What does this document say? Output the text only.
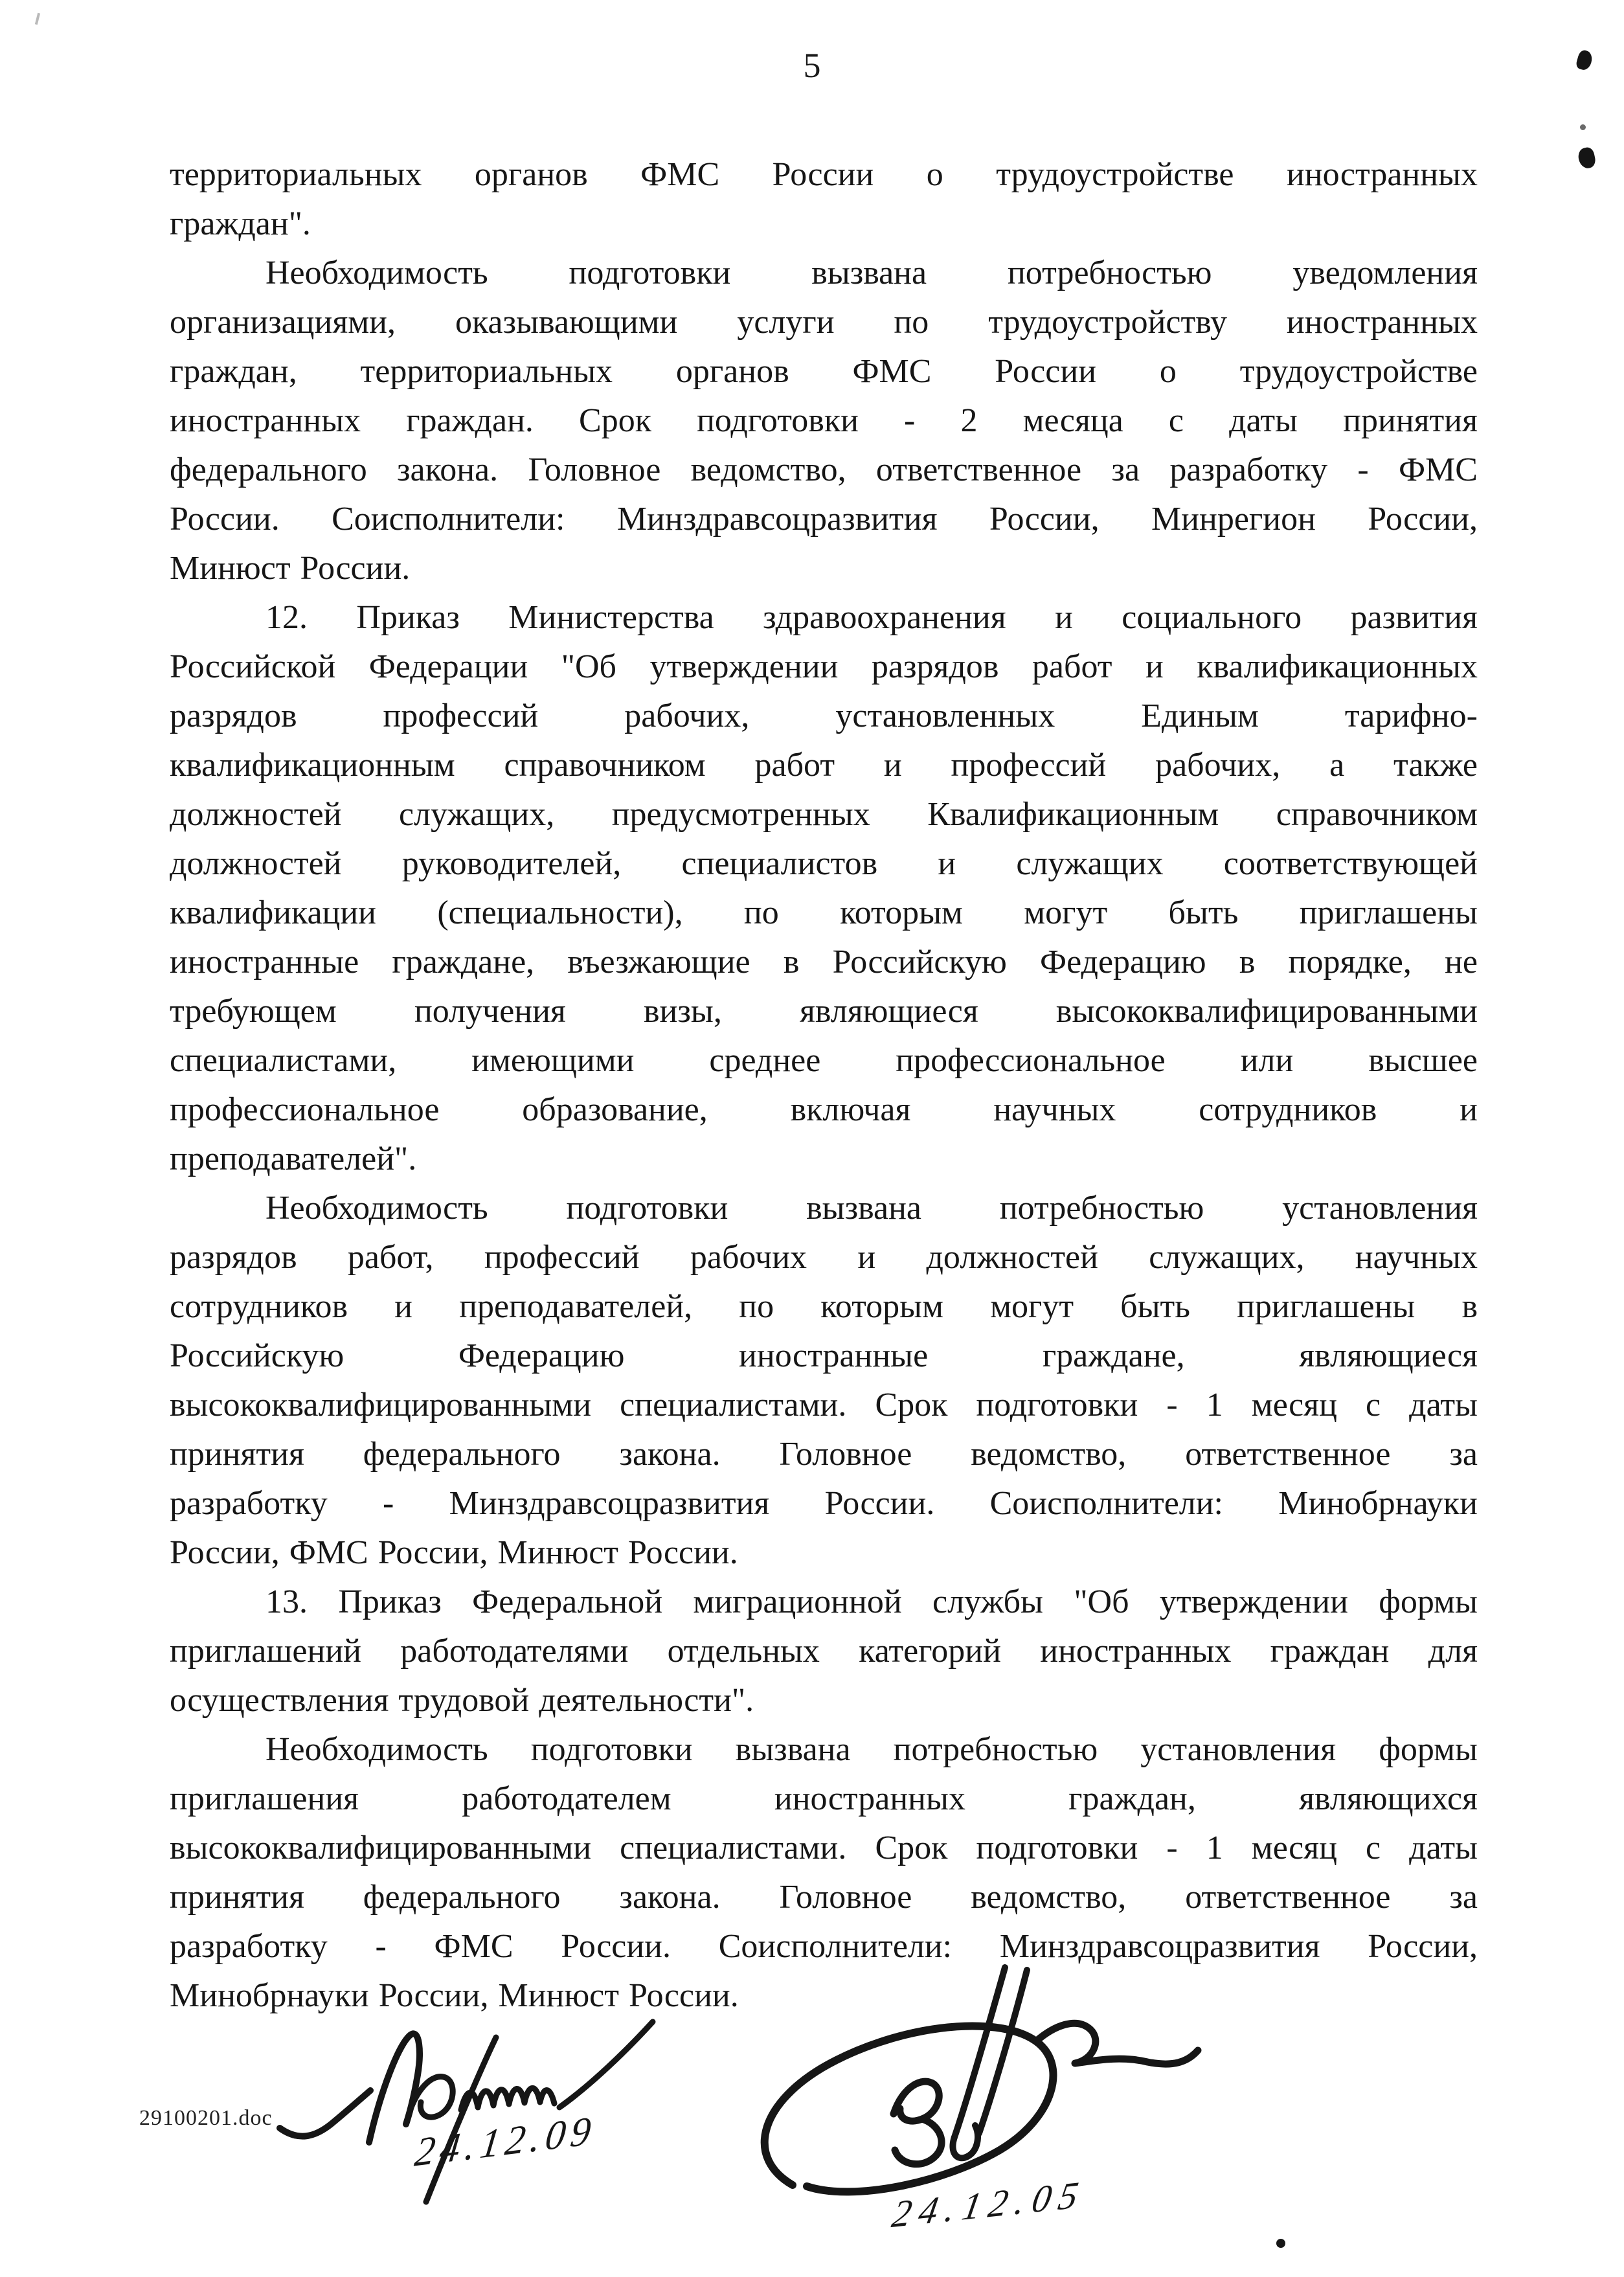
5
территориальных органов ФМС России о трудоустройстве иностранных
граждан".
Необходимость подготовки вызвана потребностью уведомления
организациями, оказывающими услуги по трудоустройству иностранных
граждан, территориальных органов ФМС России о трудоустройстве
иностранных граждан. Срок подготовки - 2 месяца с даты принятия
федерального закона. Головное ведомство, ответственное за разработку - ФМС
России. Соисполнители: Минздравсоцразвития России, Минрегион России,
Минюст России.
12. Приказ Министерства здравоохранения и социального развития
Российской Федерации "Об утверждении разрядов работ и квалификационных
разрядов профессий рабочих, установленных Единым тарифно-
квалификационным справочником работ и профессий рабочих, а также
должностей служащих, предусмотренных Квалификационным справочником
должностей руководителей, специалистов и служащих соответствующей
квалификации (специальности), по которым могут быть приглашены
иностранные граждане, въезжающие в Российскую Федерацию в порядке, не
требующем получения визы, являющиеся высококвалифицированными
специалистами, имеющими среднее профессиональное или высшее
профессиональное образование, включая научных сотрудников и
преподавателей".
Необходимость подготовки вызвана потребностью установления
разрядов работ, профессий рабочих и должностей служащих, научных
сотрудников и преподавателей, по которым могут быть приглашены в
Российскую Федерацию иностранные граждане, являющиеся
высококвалифицированными специалистами. Срок подготовки - 1 месяц с даты
принятия федерального закона. Головное ведомство, ответственное за
разработку - Минздравсоцразвития России. Соисполнители: Минобрнауки
России, ФМС России, Минюст России.
13. Приказ Федеральной миграционной службы "Об утверждении формы
приглашений работодателями отдельных категорий иностранных граждан для
осуществления трудовой деятельности".
Необходимость подготовки вызвана потребностью установления формы
приглашения работодателем иностранных граждан, являющихся
высококвалифицированными специалистами. Срок подготовки - 1 месяц с даты
принятия федерального закона. Головное ведомство, ответственное за
разработку - ФМС России. Соисполнители: Минздравсоцразвития России,
Минобрнауки России, Минюст России.
29100201.doc	24.12.09
24.12.05
